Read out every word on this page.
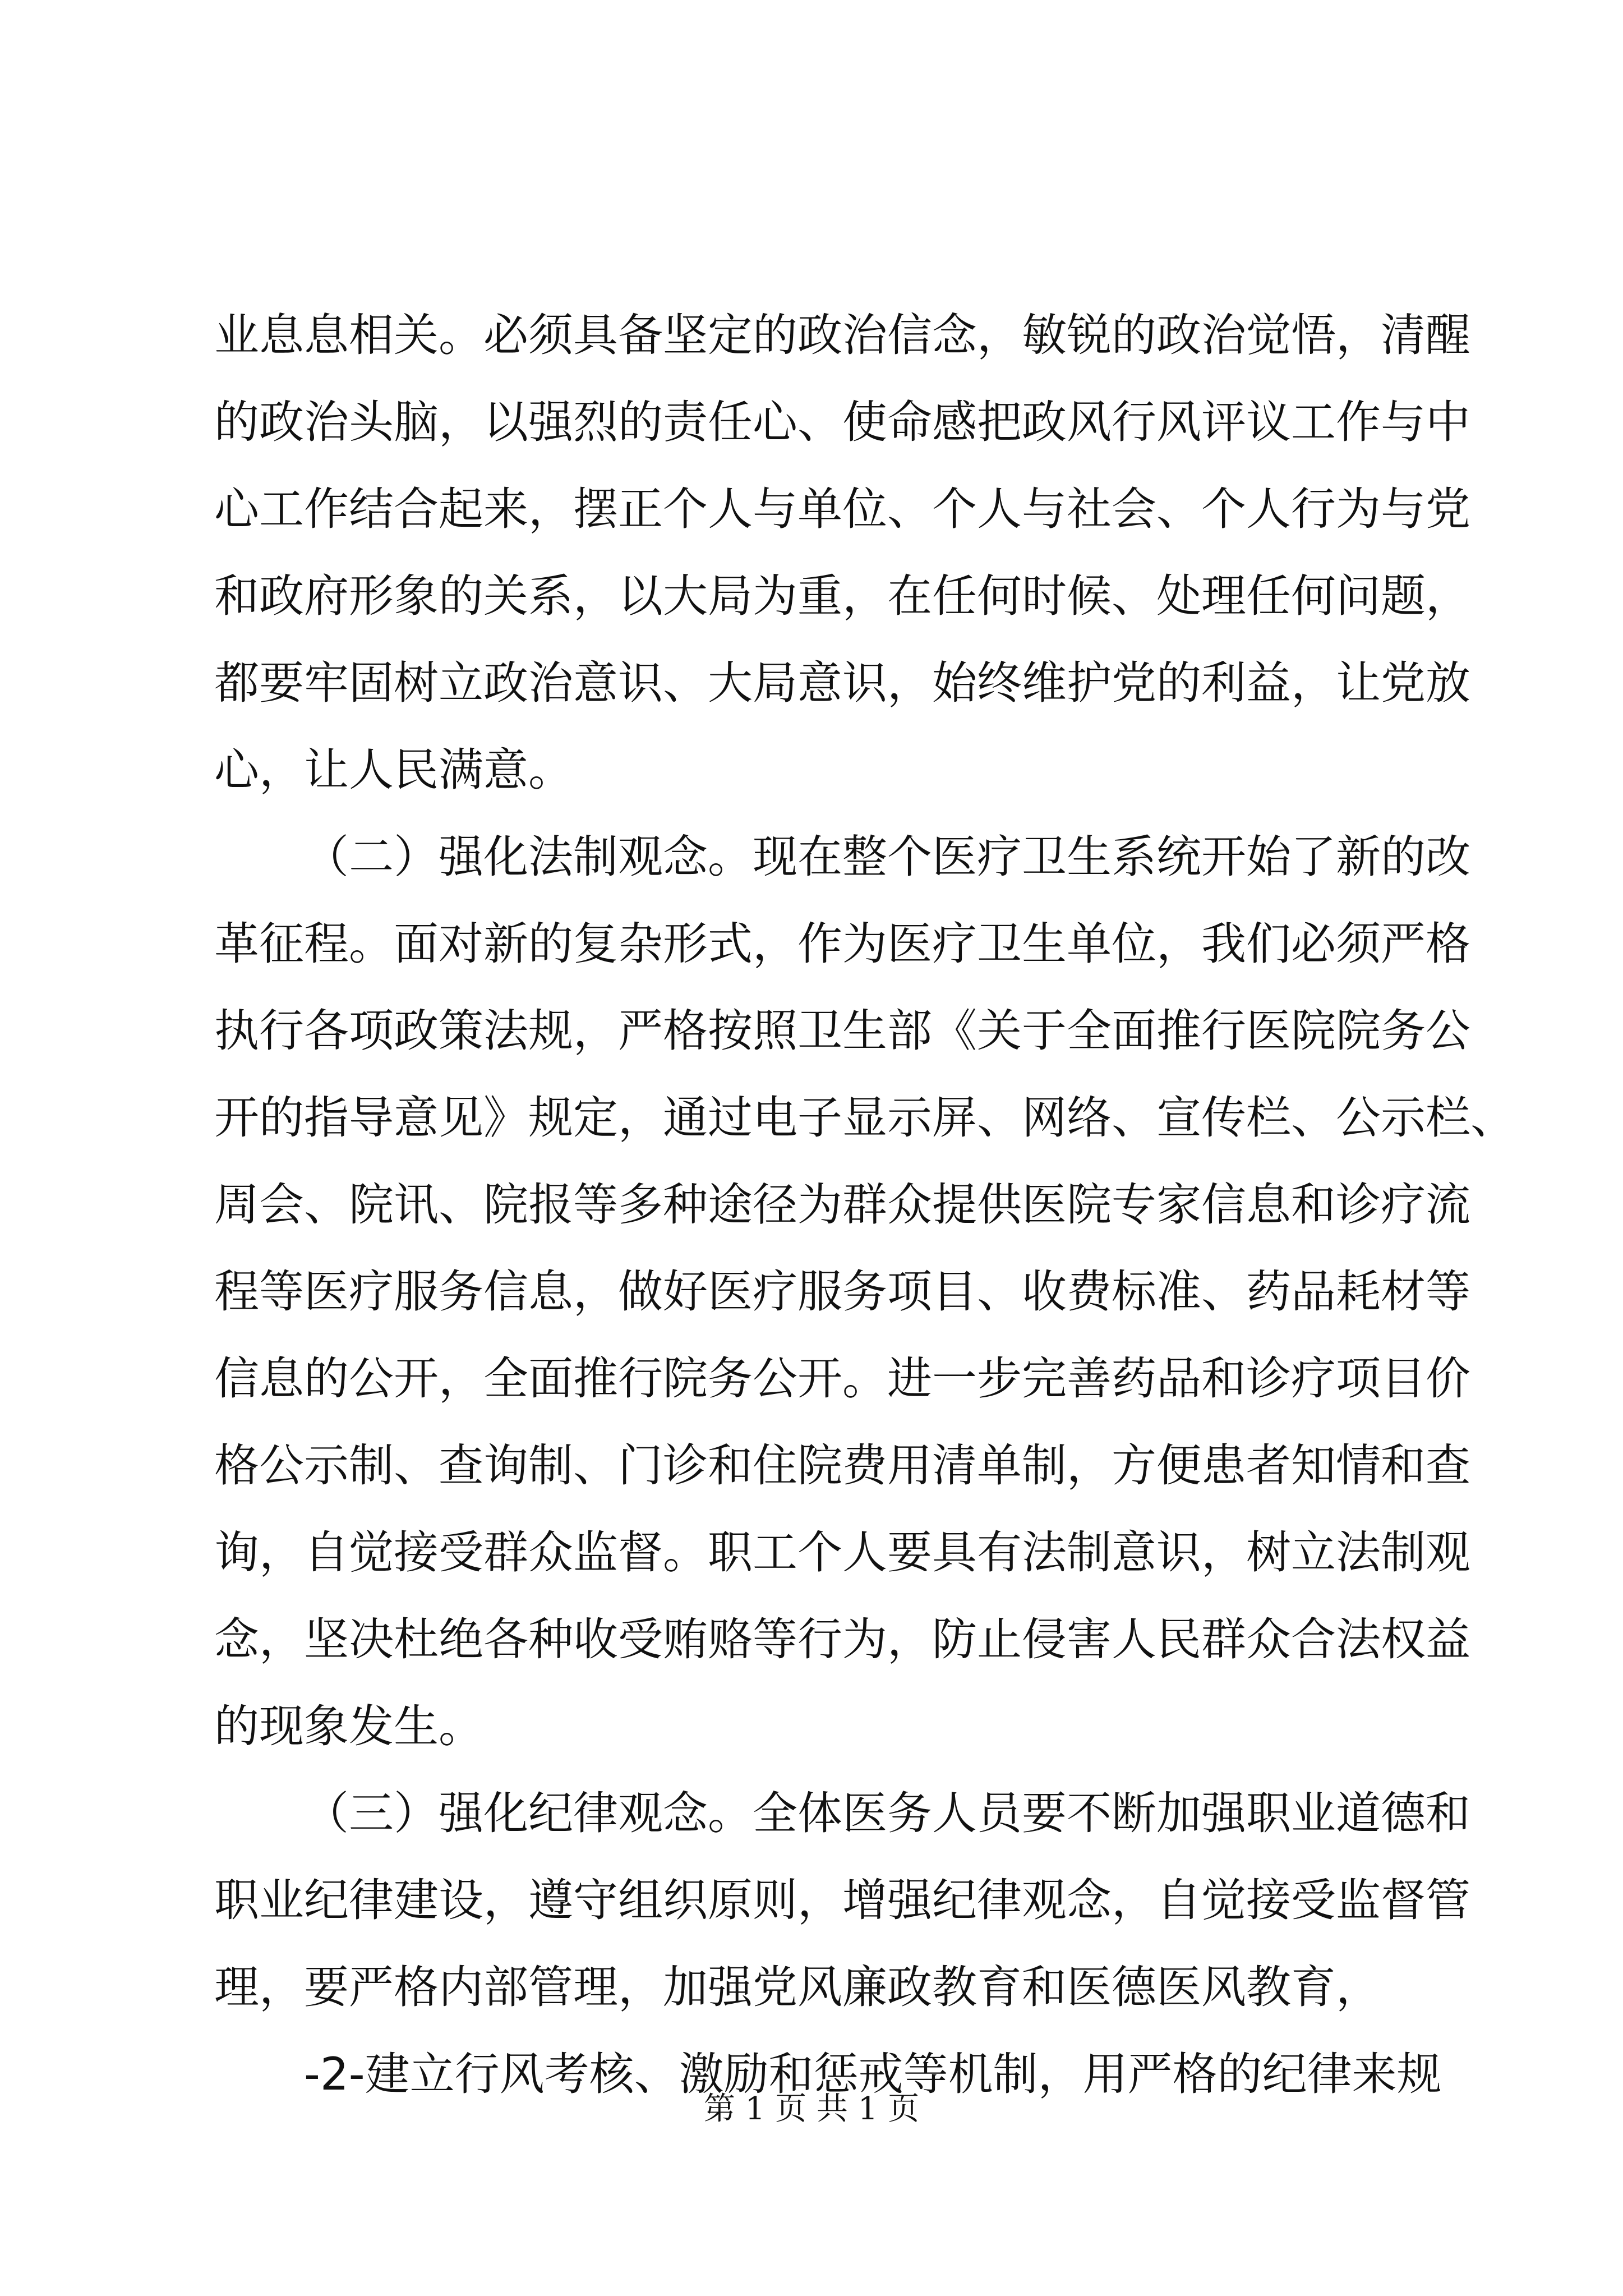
业息息相关。必须具备坚定的政治信念，敏锐的政治觉悟，清醒
的政治头脑，以强烈的责任心、使命感把政风行风评议工作与中
心工作结合起来，摆正个人与单位、个人与社会、个人行为与党
和政府形象的关系，以大局为重，在任何时候、处理任何问题，
都要牢固树立政治意识、大局意识，始终维护党的利益，让党放
心，让人民满意。
（二）强化法制观念。现在整个医疗卫生系统开始了新的改
革征程。面对新的复杂形式，作为医疗卫生单位，我们必须严格
执行各项政策法规，严格按照卫生部《关于全面推行医院院务公
开的指导意见》规定，通过电子显示屏、网络、宣传栏、公示栏、
周会、院讯、院报等多种途径为群众提供医院专家信息和诊疗流
程等医疗服务信息，做好医疗服务项目、收费标准、药品耗材等
信息的公开，全面推行院务公开。进一步完善药品和诊疗项目价
格公示制、查询制、门诊和住院费用清单制，方便患者知情和查
询，自觉接受群众监督。职工个人要具有法制意识，树立法制观
念，坚决杜绝各种收受贿赂等行为，防止侵害人民群众合法权益
的现象发生。
（三）强化纪律观念。全体医务人员要不断加强职业道德和
职业纪律建设，遵守组织原则，增强纪律观念，自觉接受监督管
理，要严格内部管理，加强党风廉政教育和医德医风教育，
-2-建立行风考核、激励和惩戒等机制，用严格的纪律来规
第 1 页 共 1 页
